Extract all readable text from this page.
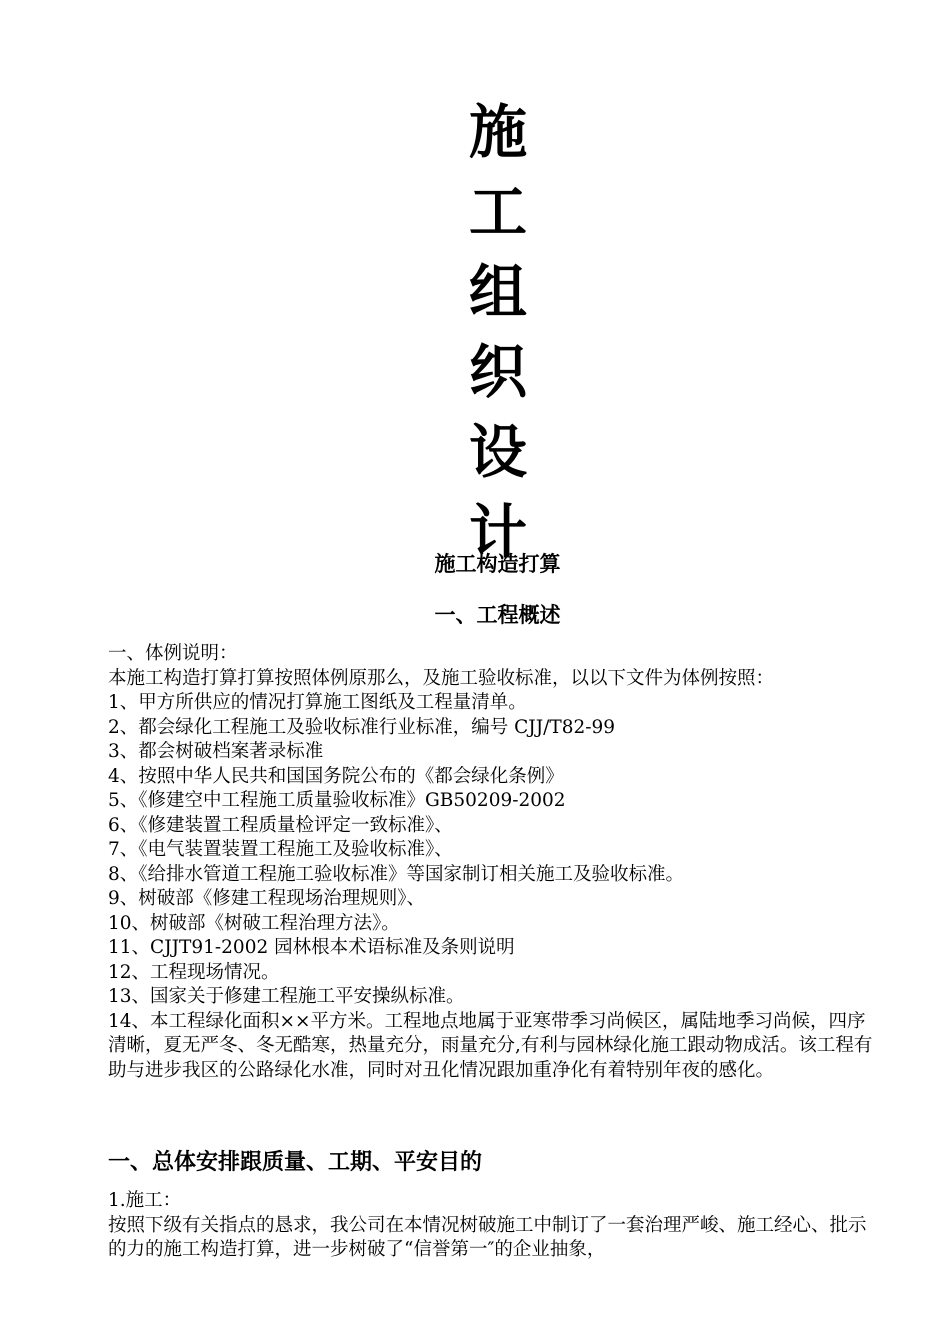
施
工
组
织
设
计
施工构造打算
一、工程概述

一、体例说明：

本施工构造打算打算按照体例原那么，及施工验收标准，以以下文件为体例按照：

1、甲方所供应的情况打算施工图纸及工程量清单。

2、都会绿化工程施工及验收标准行业标准，编号 CJJ/T82-99

3、都会树破档案著录标准

4、按照中华人民共和国国务院公布的《都会绿化条例》

5、《修建空中工程施工质量验收标准》GB50209-2002

6、《修建装置工程质量检评定一致标准》、

7、《电气装置装置工程施工及验收标准》、

8、《给排水管道工程施工验收标准》等国家制订相关施工及验收标准。

9、树破部《修建工程现场治理规则》、

10、树破部《树破工程治理方法》。

11、CJJT91-2002 园林根本术语标准及条则说明

12、工程现场情况。

13、国家关于修建工程施工平安操纵标准。

14、本工程绿化面积××平方米。工程地点地属于亚寒带季习尚候区，属陆地季习尚候，四序清晰，夏无严冬、冬无酷寒，热量充分，雨量充分,有利与园林绿化施工跟动物成活。该工程有助与进步我区的公路绿化水准，同时对丑化情况跟加重净化有着特别年夜的感化。

一、总体安排跟质量、工期、平安目的

1.施工：

按照下级有关指点的恳求，我公司在本情况树破施工中制订了一套治理严峻、施工经心、批示的力的施工构造打算，进一步树破了“信誉第一″的企业抽象，
